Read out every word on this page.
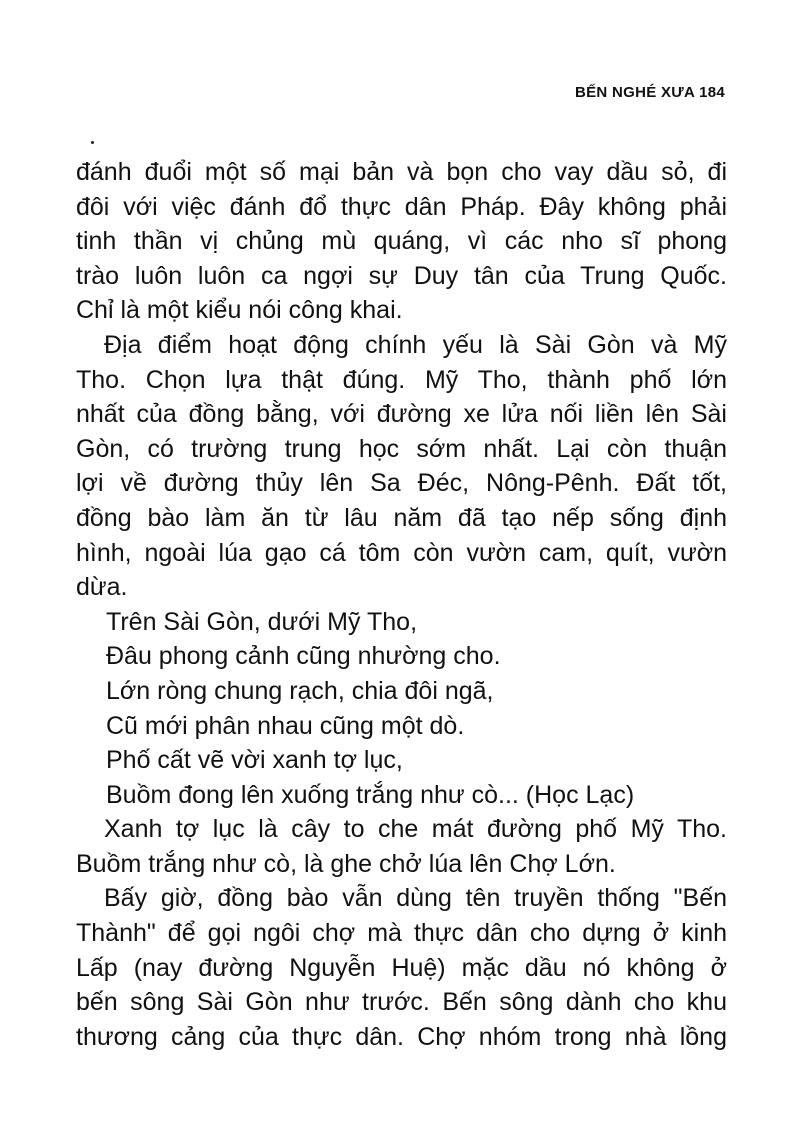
BẾN NGHÉ XƯA 184
đánh đuổi một số mại bản và bọn cho vay dầu sỏ, đi
đôi với việc đánh đổ thực dân Pháp. Đây không phải
tinh thần vị chủng mù quáng, vì các nho sĩ phong
trào luôn luôn ca ngợi sự Duy tân của Trung Quốc.
Chỉ là một kiểu nói công khai.
Địa điểm hoạt động chính yếu là Sài Gòn và Mỹ
Tho. Chọn lựa thật đúng. Mỹ Tho, thành phố lớn
nhất của đồng bằng, với đường xe lửa nối liền lên Sài
Gòn, có trường trung học sớm nhất. Lại còn thuận
lợi về đường thủy lên Sa Đéc, Nông-Pênh. Đất tốt,
đồng bào làm ăn từ lâu năm đã tạo nếp sống định
hình, ngoài lúa gạo cá tôm còn vườn cam, quít, vườn
dừa.
Trên Sài Gòn, dưới Mỹ Tho,
Đâu phong cảnh cũng nhường cho.
Lớn ròng chung rạch, chia đôi ngã,
Cũ mới phân nhau cũng một dò.
Phố cất vẽ vời xanh tợ lục,
Buồm đong lên xuống trắng như cò... (Học Lạc)
Xanh tợ lục là cây to che mát đường phố Mỹ Tho.
Buồm trắng như cò, là ghe chở lúa lên Chợ Lớn.
Bấy giờ, đồng bào vẫn dùng tên truyền thống "Bến
Thành" để gọi ngôi chợ mà thực dân cho dựng ở kinh
Lấp (nay đường Nguyễn Huệ) mặc dầu nó không ở
bến sông Sài Gòn như trước. Bến sông dành cho khu
thương cảng của thực dân. Chợ nhóm trong nhà lồng
